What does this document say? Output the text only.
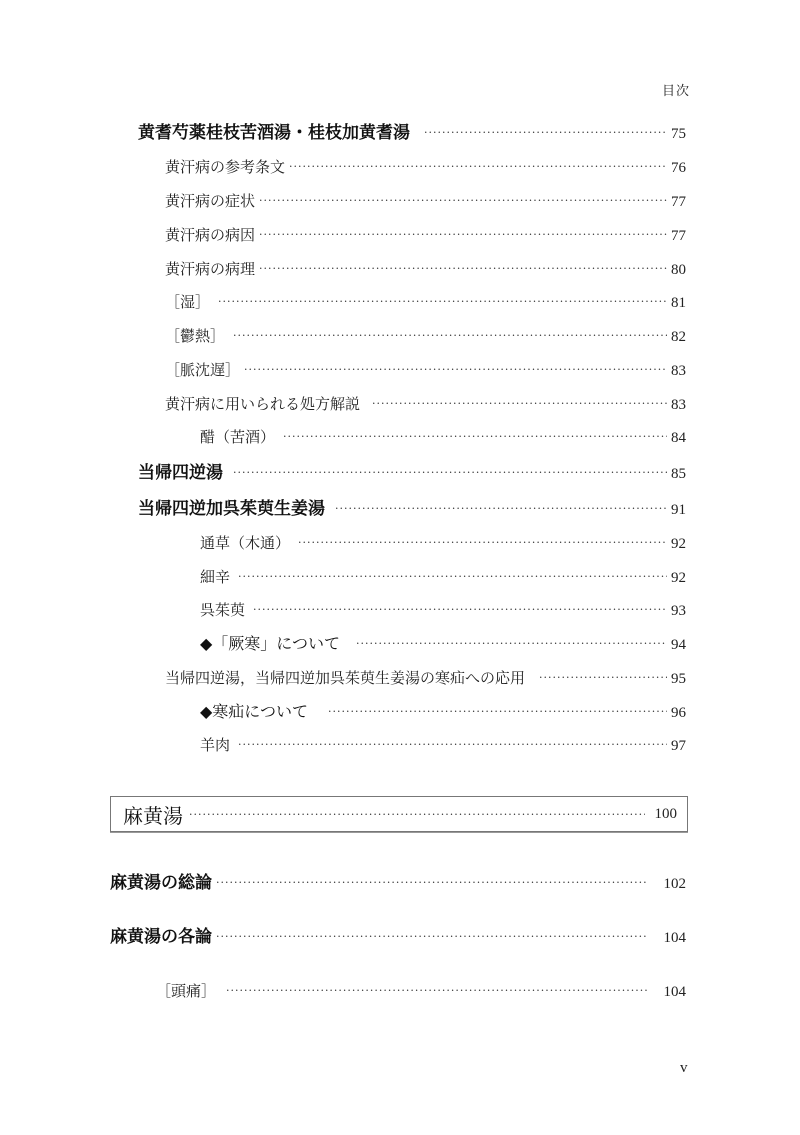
目次
黄耆芍薬桂枝苦酒湯・桂枝加黄耆湯 ·····	75
黄汗病の参考条文 ·····	76
黄汗病の症状 ·····	77
黄汗病の病因 ·····	77
黄汗病の病理 ·····	80
［湿］ ·····	81
［鬱熱］ ·····	82
［脈沈遅］ ·····	83
黄汗病に用いられる処方解説 ·····	83
醋（苦酒） ·····	84
当帰四逆湯 ·····	85
当帰四逆加呉茱萸生姜湯 ·····	91
通草（木通） ·····	92
細辛 ·····	92
呉茱萸 ·····	93
◆「厥寒」について ·····	94
当帰四逆湯，当帰四逆加呉茱萸生姜湯の寒疝への応用 ·····	95
◆寒疝について ·····	96
羊肉 ·····	97
麻黄湯 ·····	100
麻黄湯の総論 ·····	102
麻黄湯の各論 ·····	104
［頭痛］ ·····	104
v
